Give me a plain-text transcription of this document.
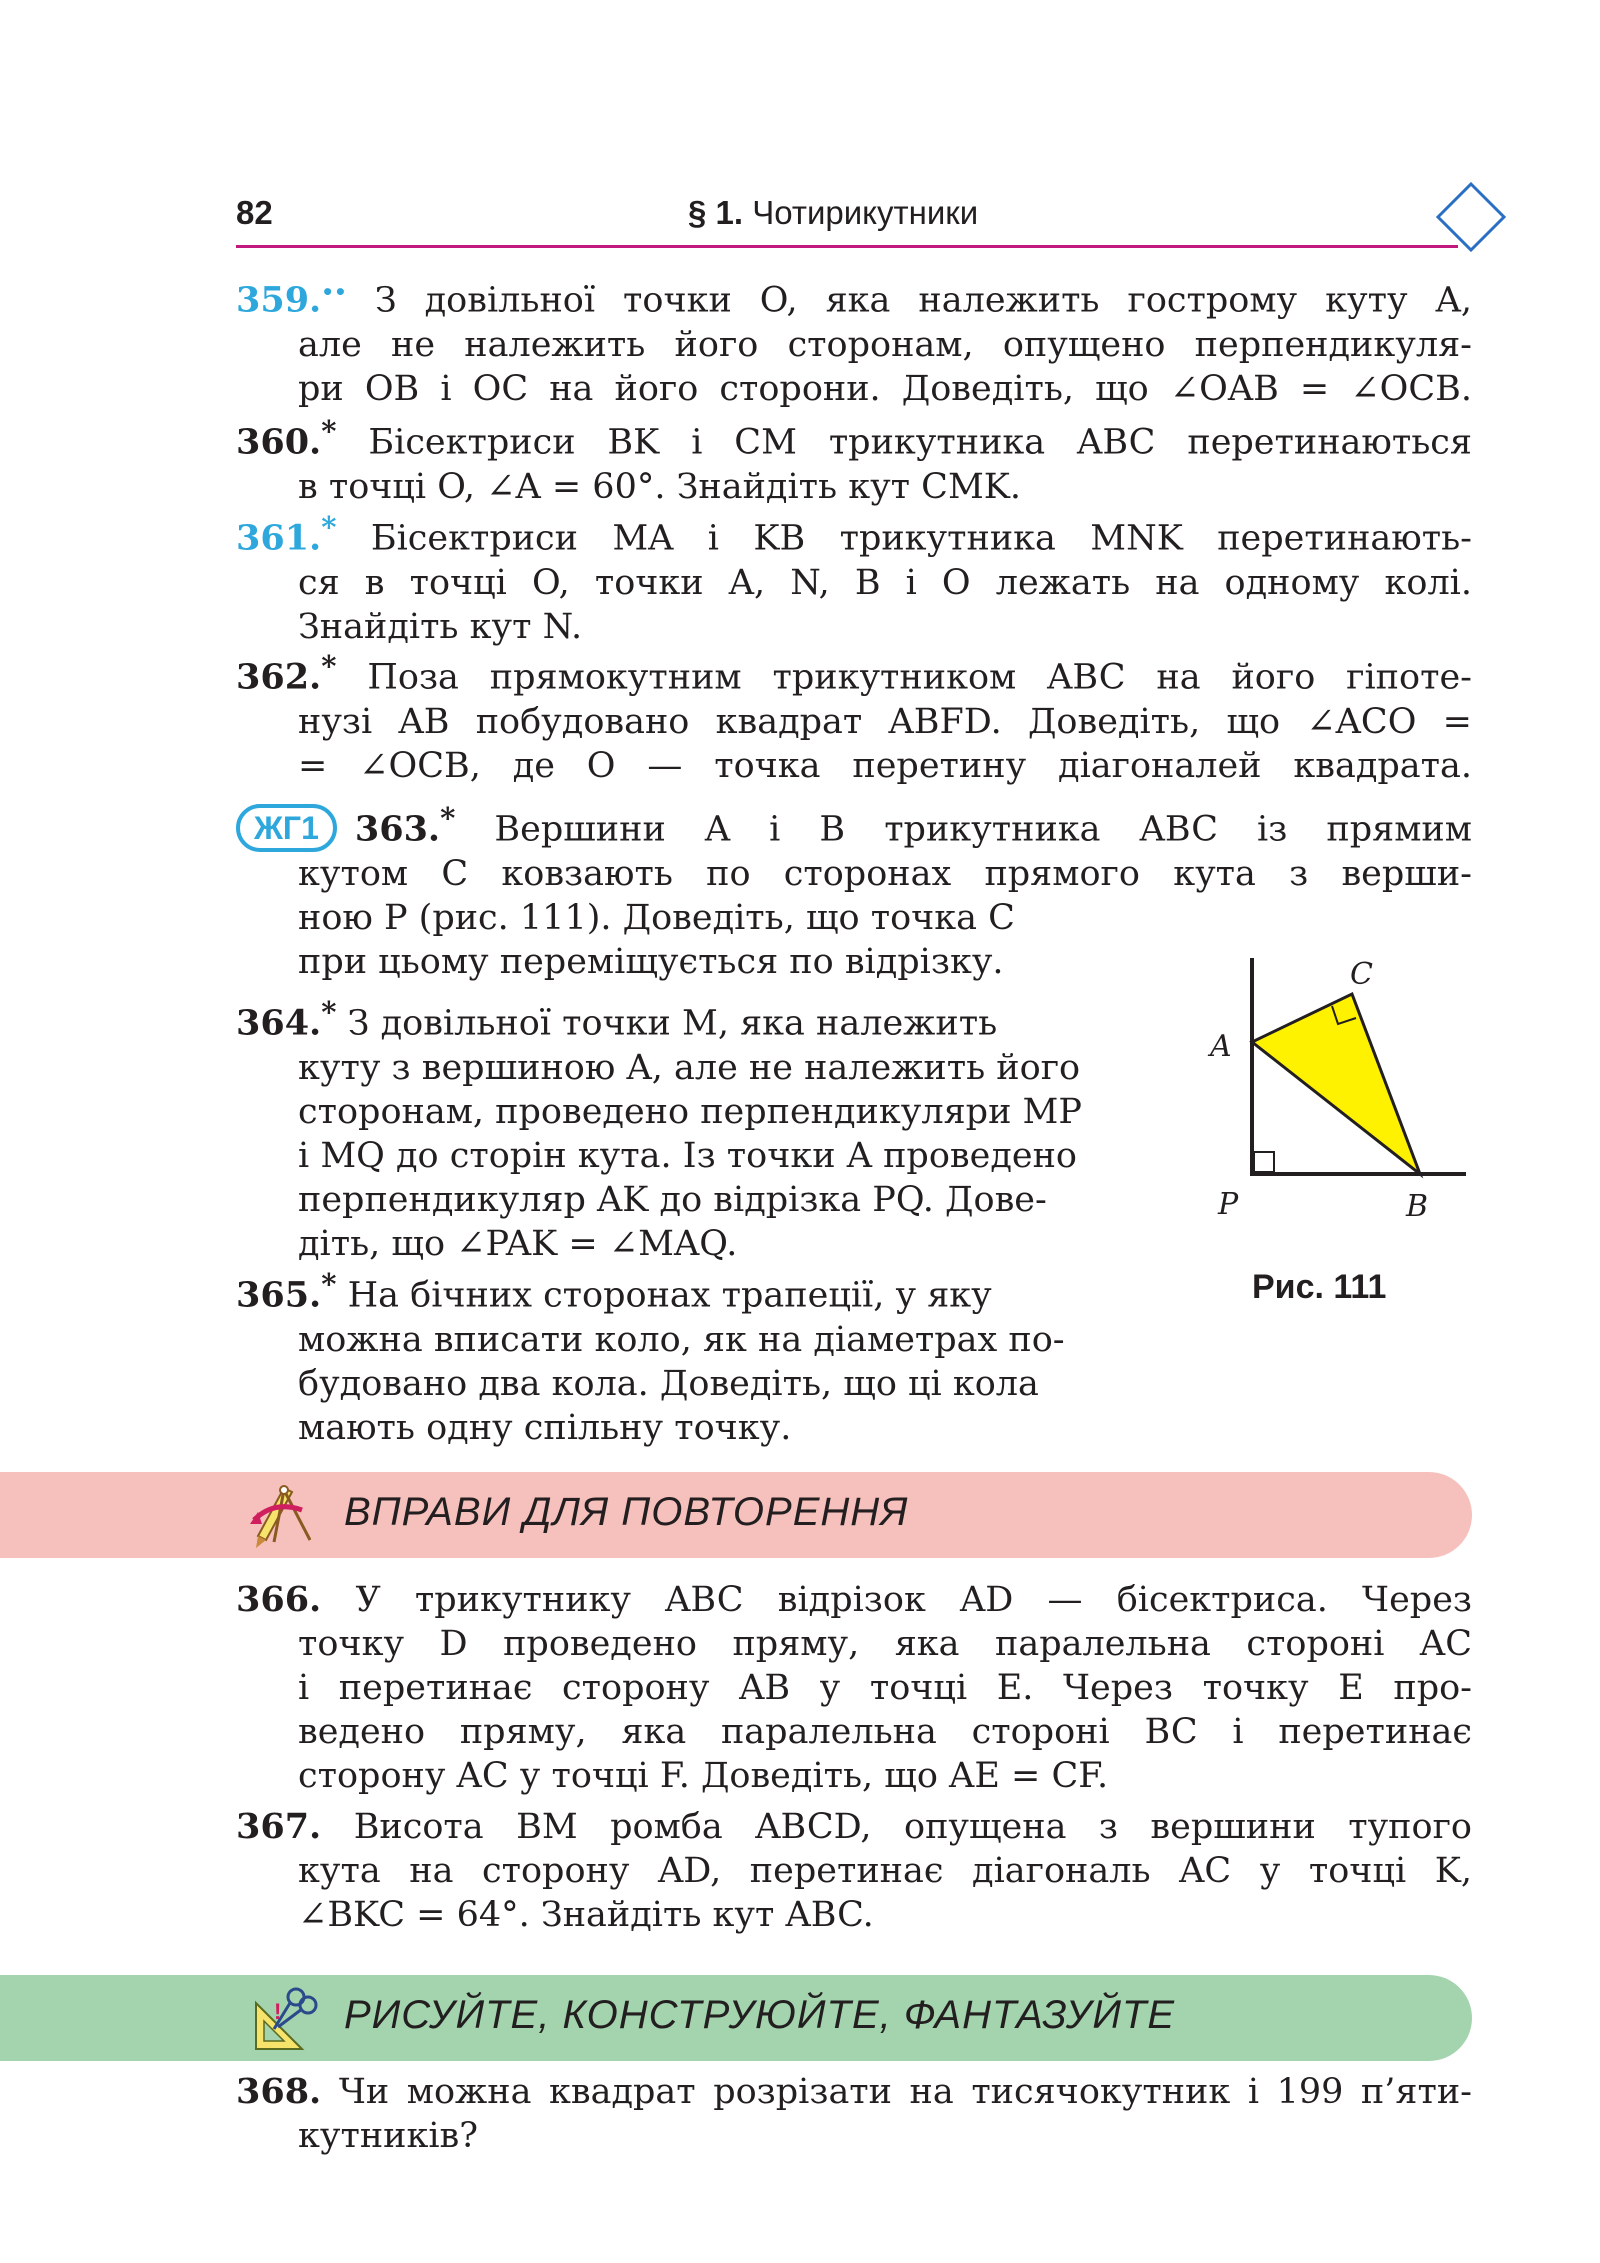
82	§ 1. Чотирикутники
359.•• З довільної точки O, яка належить гострому куту A,
але не належить його сторонам, опущено перпендикуля-
ри OB і OC на його сторони. Доведіть, що ∠OAB = ∠OCB.
360.* Бісектриси BK і CM трикутника ABC перетинаються
в точці O, ∠A = 60°. Знайдіть кут CMK.
361.* Бісектриси MA і KB трикутника MNK перетинають-
ся в точці O, точки A, N, B і O лежать на одному колі.
Знайдіть кут N.
362.* Поза прямокутним трикутником ABC на його гіпоте-
нузі AB побудовано квадрат ABFD. Доведіть, що ∠ACO =
= ∠OCB, де O — точка перетину діагоналей квадрата.
ЖГ1 363.* Вершини A і B трикутника ABC із прямим
кутом C ковзають по сторонах прямого кута з верши-
ною P (рис. 111). Доведіть, що точка C
при цьому переміщується по відрізку.
364.* З довільної точки M, яка належить
куту з вершиною A, але не належить його
сторонам, проведено перпендикуляри MP
і MQ до сторін кута. Із точки A проведено
перпендикуляр AK до відрізка PQ. Дове-
діть, що ∠PAK = ∠MAQ.
365.* На бічних сторонах трапеції, у яку
можна вписати коло, як на діаметрах по-
будовано два кола. Доведіть, що ці кола
мають одну спільну точку.
A
C
P	B
Рис. 111
ВПРАВИ ДЛЯ ПОВТОРЕННЯ
366. У трикутнику ABC відрізок AD — бісектриса. Через
точку D проведено пряму, яка паралельна стороні AC
і перетинає сторону AB у точці E. Через точку E про-
ведено пряму, яка паралельна стороні BC і перетинає
сторону AC у точці F. Доведіть, що AE = CF.
367. Висота BM ромба ABCD, опущена з вершини тупого
кута на сторону AD, перетинає діагональ AC у точці K,
∠BKC = 64°. Знайдіть кут ABC.
! РИСУЙТЕ, КОНСТРУЮЙТЕ, ФАНТАЗУЙТЕ
368. Чи можна квадрат розрізати на тисячокутник і 199 п’яти-
кутників?
